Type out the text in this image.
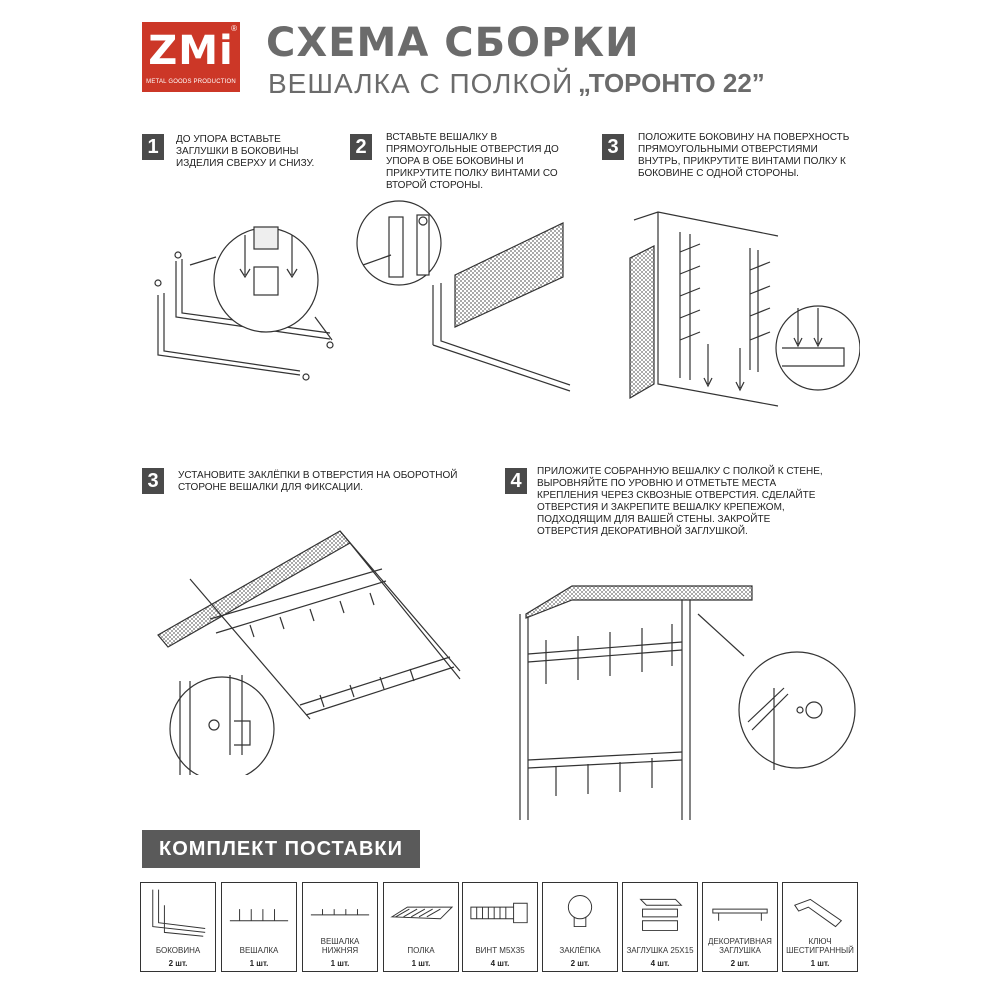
ZMi
®
METAL GOODS PRODUCTION
СХЕМА СБОРКИ
ВЕШАЛКА С ПОЛКОЙ „ТОРОНТО 22”
1	ДО УПОРА ВСТАВЬТЕ ЗАГЛУШКИ В БОКОВИНЫ ИЗДЕЛИЯ СВЕРХУ И СНИЗУ.
2	ВСТАВЬТЕ ВЕШАЛКУ В ПРЯМОУГОЛЬНЫЕ ОТВЕРСТИЯ ДО УПОРА В ОБЕ БОКОВИНЫ И ПРИКРУТИТЕ ПОЛКУ ВИНТАМИ СО ВТОРОЙ СТОРОНЫ.
3	ПОЛОЖИТЕ БОКОВИНУ НА ПОВЕРХНОСТЬ ПРЯМОУГОЛЬНЫМИ ОТВЕРСТИЯМИ ВНУТРЬ, ПРИКРУТИТЕ ВИНТАМИ ПОЛКУ К БОКОВИНЕ С ОДНОЙ СТОРОНЫ.
3	УСТАНОВИТЕ ЗАКЛЁПКИ В ОТВЕРСТИЯ НА ОБОРОТНОЙ СТОРОНЕ ВЕШАЛКИ ДЛЯ ФИКСАЦИИ.	4	ПРИЛОЖИТЕ СОБРАННУЮ ВЕШАЛКУ С ПОЛКОЙ К СТЕНЕ, ВЫРОВНЯЙТЕ ПО УРОВНЮ И ОТМЕТЬТЕ МЕСТА КРЕПЛЕНИЯ ЧЕРЕЗ СКВОЗНЫЕ ОТВЕРСТИЯ. СДЕЛАЙТЕ ОТВЕРСТИЯ И ЗАКРЕПИТЕ ВЕШАЛКУ КРЕПЕЖОМ, ПОДХОДЯЩИМ ДЛЯ ВАШЕЙ СТЕНЫ. ЗАКРОЙТЕ ОТВЕРСТИЯ ДЕКОРАТИВНОЙ ЗАГЛУШКОЙ.
КОМПЛЕКТ ПОСТАВКИ
БОКОВИНА
2 шт.
ВЕШАЛКА
1 шт.
ВЕШАЛКА НИЖНЯЯ
1 шт.
ПОЛКА
1 шт.
ВИНТ М5Х35
4 шт.
ЗАКЛЁПКА
2 шт.
ЗАГЛУШКА 25Х15
4 шт.
ДЕКОРАТИВНАЯ ЗАГЛУШКА
2 шт.
КЛЮЧ ШЕСТИГРАННЫЙ
1 шт.
